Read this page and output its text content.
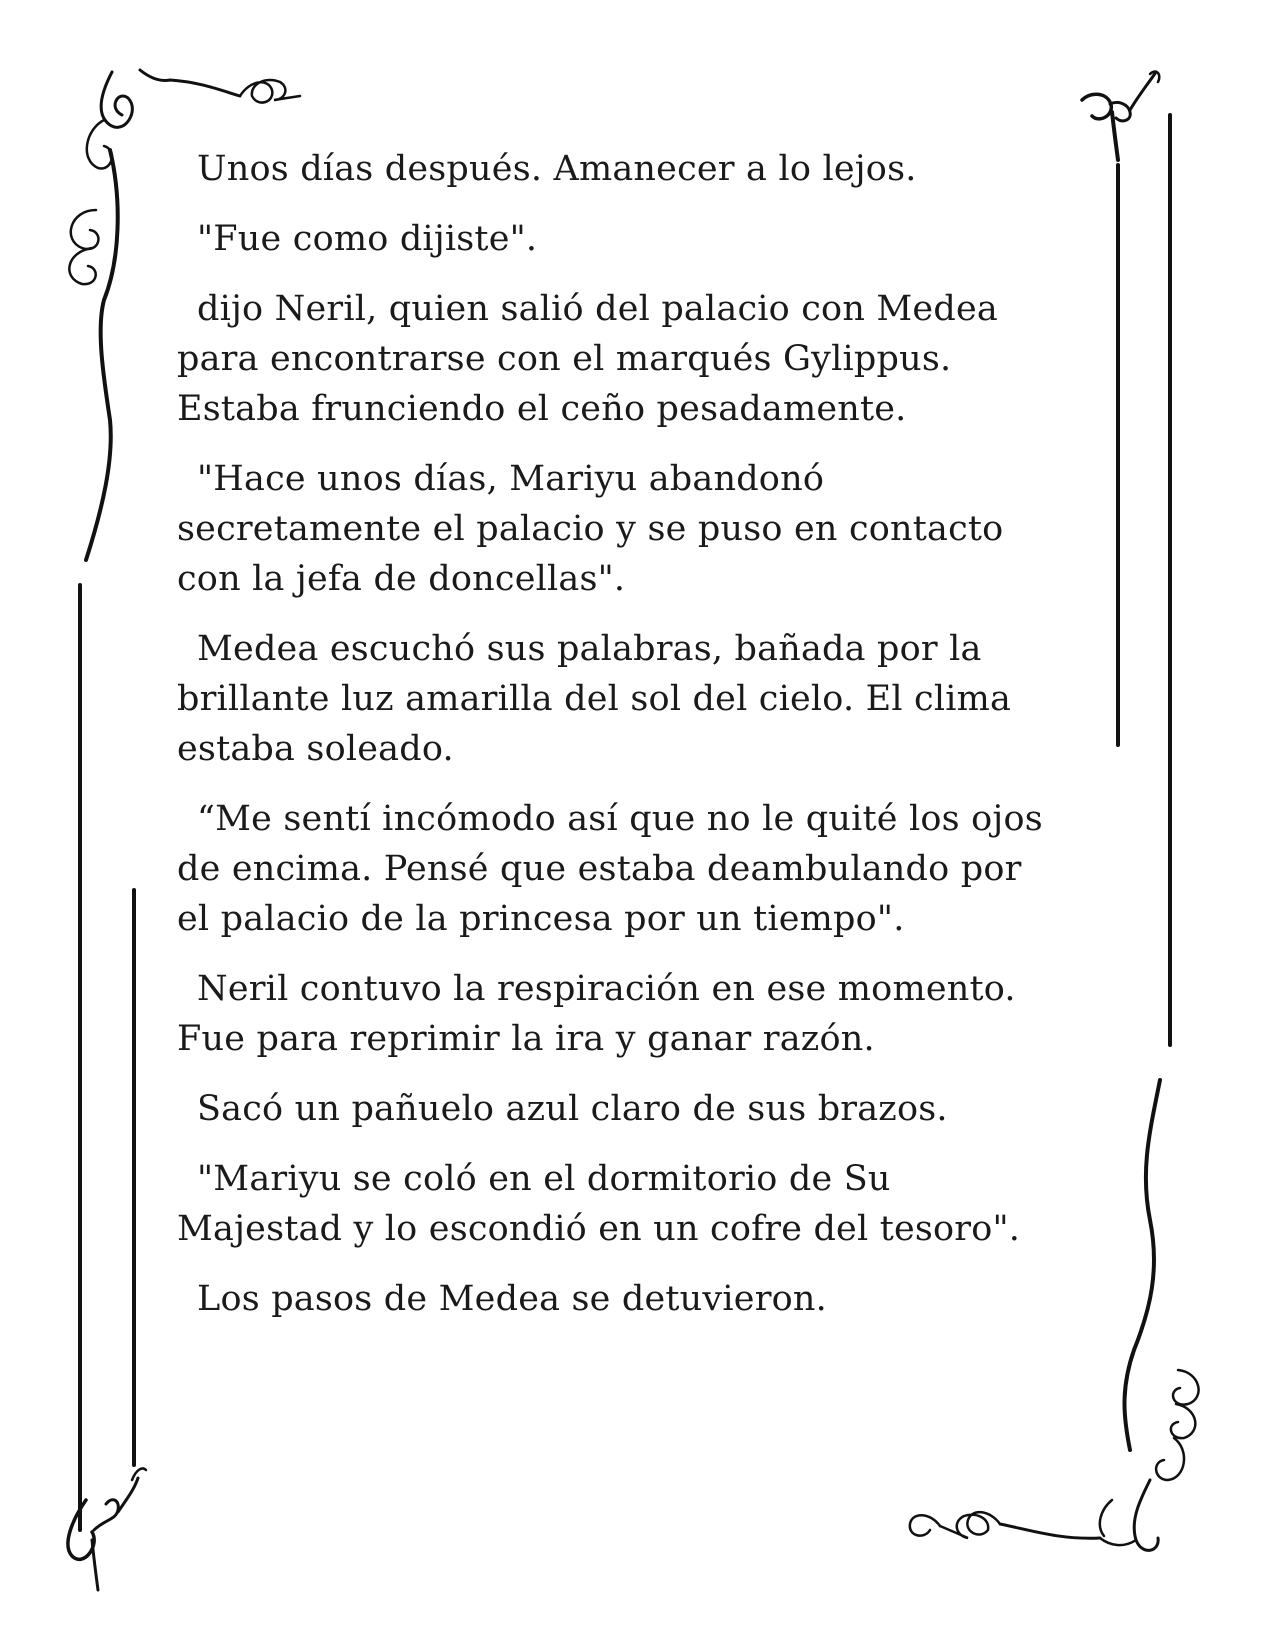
Unos días después. Amanecer a lo lejos.

"Fue como dijiste".

dijo Neril, quien salió del palacio con Medea
para encontrarse con el marqués Gylippus.
Estaba frunciendo el ceño pesadamente.

"Hace unos días, Mariyu abandonó
secretamente el palacio y se puso en contacto
con la jefa de doncellas".

Medea escuchó sus palabras, bañada por la
brillante luz amarilla del sol del cielo. El clima
estaba soleado.

“Me sentí incómodo así que no le quité los ojos
de encima. Pensé que estaba deambulando por
el palacio de la princesa por un tiempo".

Neril contuvo la respiración en ese momento.
Fue para reprimir la ira y ganar razón.

Sacó un pañuelo azul claro de sus brazos.

"Mariyu se coló en el dormitorio de Su
Majestad y lo escondió en un cofre del tesoro".

Los pasos de Medea se detuvieron.
